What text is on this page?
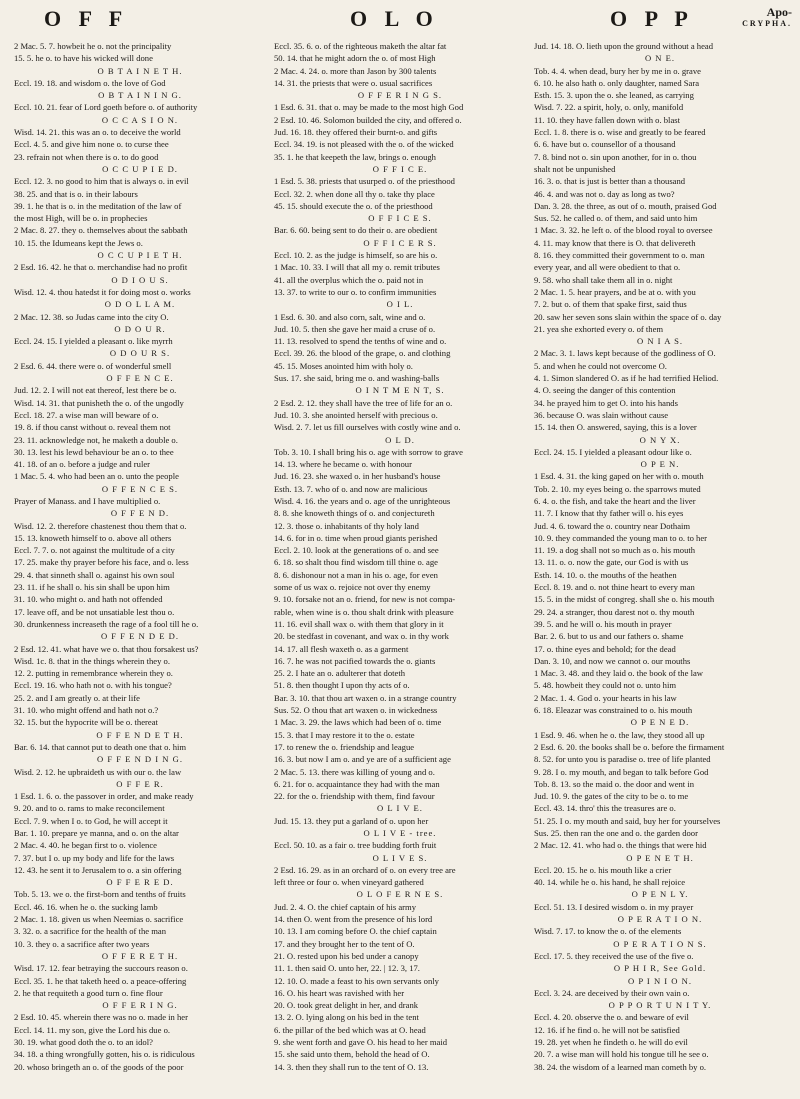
O F F	O L O	O P P	Apo-
CRYPHA.

2 Mac. 5. 7. howbeit he o. not the principality

15. 5. he o. to have his wicked will done

O B T A I N E T H.

Eccl. 19. 18. and wisdom o. the love of God

O B T A I N I N G.

Eccl. 10. 21. fear of Lord goeth before o. of authority

O C C A S I O N.

Wisd. 14. 21. this was an o. to deceive the world

Eccl. 4. 5. and give him none o. to curse thee

23. refrain not when there is o. to do good

O C C U P I E D.

Eccl. 12. 3. no good to him that is always o. in evil

38. 25. and that is o. in their labours

39. 1. he that is o. in the meditation of the law of

the most High, will be o. in prophecies

2 Mac. 8. 27. they o. themselves about the sabbath

10. 15. the Idumeans kept the Jews o.

O C C U P I E T H.

2 Esd. 16. 42. he that o. merchandise had no profit

O D I O U S.

Wisd. 12. 4. thou hatedst it for doing most o. works

O D O L L A M.

2 Mac. 12. 38. so Judas came into the city O.

O D O U R.

Eccl. 24. 15. I yielded a pleasant o. like myrrh

O D O U R S.

2 Esd. 6. 44. there were o. of wonderful smell

O F F E N C E.

Jud. 12. 2. I will not eat thereof, lest there be o.

Wisd. 14. 31. that punisheth the o. of the ungodly

Eccl. 18. 27. a wise man will beware of o.

19. 8. if thou canst without o. reveal them not

23. 11. acknowledge not, he maketh a double o.

30. 13. lest his lewd behaviour be an o. to thee

41. 18. of an o. before a judge and ruler

1 Mac. 5. 4. who had been an o. unto the people

O F F E N C E S.

Prayer of Manass. and I have multiplied o.

O F F E N D.

Wisd. 12. 2. therefore chastenest thou them that o.

15. 13. knoweth himself to o. above all others

Eccl. 7. 7. o. not against the multitude of a city

17. 25. make thy prayer before his face, and o. less

29. 4. that sinneth shall o. against his own soul

23. 11. if he shall o. his sin shall be upon him

31. 10. who might o. and hath not offended

17. leave off, and be not unsatiable lest thou o.

30. drunkenness increaseth the rage of a fool till he o.

O F F E N D E D.

2 Esd. 12. 41. what have we o. that thou forsakest us?

Wisd. 1c. 8. that in the things wherein they o.

12. 2. putting in remembrance wherein they o.

Eccl. 19. 16. who hath not o. with his tongue?

25. 2. and I am greatly o. at their life

31. 10. who might offend and hath not o.?

32. 15. but the hypocrite will be o. thereat

O F F E N D E T H.

Bar. 6. 14. that cannot put to death one that o. him

O F F E N D I N G.

Wisd. 2. 12. he upbraideth us with our o. the law

O F F E R.

1 Esd. 1. 6. o. the passover in order, and make ready

9. 20. and to o. rams to make reconcilement

Eccl. 7. 9. when I o. to God, he will accept it

Bar. 1. 10. prepare ye manna, and o. on the altar

2 Mac. 4. 40. he began first to o. violence

7. 37. but I o. up my body and life for the laws

12. 43. he sent it to Jerusalem to o. a sin offering

O F F E R E D.

Tob. 5. 13. we o. the first-born and tenths of fruits

Eccl. 46. 16. when he o. the sucking lamb

2 Mac. 1. 18. given us when Neemias o. sacrifice

3. 32. o. a sacrifice for the health of the man

10. 3. they o. a sacrifice after two years

O F F E R E T H.

Wisd. 17. 12. fear betraying the succours reason o.

Eccl. 35. 1. he that taketh heed o. a peace-offering

2. he that requiteth a good turn o. fine flour

O F F E R I N G.

2 Esd. 10. 45. wherein there was no o. made in her

Eccl. 14. 11. my son, give the Lord his due o.

30. 19. what good doth the o. to an idol?

34. 18. a thing wrongfully gotten, his o. is ridiculous

20. whoso bringeth an o. of the goods of the poor

Eccl. 35. 6. o. of the righteous maketh the altar fat

50. 14. that he might adorn the o. of most High

2 Mac. 4. 24. o. more than Jason by 300 talents

14. 31. the priests that were o. usual sacrifices

O F F E R I N G S.

1 Esd. 6. 31. that o. may be made to the most high God

2 Esd. 10. 46. Solomon builded the city, and offered o.

Jud. 16. 18. they offered their burnt-o. and gifts

Eccl. 34. 19. is not pleased with the o. of the wicked

35. 1. he that keepeth the law, brings o. enough

O F F I C E.

1 Esd. 5. 38. priests that usurped o. of the priesthood

Eccl. 32. 2. when done all thy o. take thy place

45. 15. should execute the o. of the priesthood

O F F I C E S.

Bar. 6. 60. being sent to do their o. are obedient

O F F I C E R S.

Eccl. 10. 2. as the judge is himself, so are his o.

1 Mac. 10. 33. I will that all my o. remit tributes

41. all the overplus which the o. paid not in

13. 37. to write to our o. to confirm immunities

O I L.

1 Esd. 6. 30. and also corn, salt, wine and o.

Jud. 10. 5. then she gave her maid a cruse of o.

11. 13. resolved to spend the tenths of wine and o.

Eccl. 39. 26. the blood of the grape, o. and clothing

45. 15. Moses anointed him with holy o.

Sus. 17. she said, bring me o. and washing-balls

O I N T M E N T, S.

2 Esd. 2. 12. they shall have the tree of life for an o.

Jud. 10. 3. she anointed herself with precious o.

Wisd. 2. 7. let us fill ourselves with costly wine and o.

O L D.

Tob. 3. 10. I shall bring his o. age with sorrow to grave

14. 13. where he became o. with honour

Jud. 16. 23. she waxed o. in her husband's house

Esth. 13. 7. who of o. and now are malicious

Wisd. 4. 16. the years and o. age of the unrighteous

8. 8. she knoweth things of o. and conjectureth

12. 3. those o. inhabitants of thy holy land

14. 6. for in o. time when proud giants perished

Eccl. 2. 10. look at the generations of o. and see

6. 18. so shalt thou find wisdom till thine o. age

8. 6. dishonour not a man in his o. age, for even

some of us wax o. rejoice not over thy enemy

9. 10. forsake not an o. friend, for new is not compa-

rable, when wine is o. thou shalt drink with pleasure

11. 16. evil shall wax o. with them that glory in it

20. be stedfast in covenant, and wax o. in thy work

14. 17. all flesh waxeth o. as a garment

16. 7. he was not pacified towards the o. giants

25. 2. I hate an o. adulterer that doteth

51. 8. then thought I upon thy acts of o.

Bar. 3. 10. that thou art waxen o. in a strange country

Sus. 52. O thou that art waxen o. in wickedness

1 Mac. 3. 29. the laws which had been of o. time

15. 3. that I may restore it to the o. estate

17. to renew the o. friendship and league

16. 3. but now I am o. and ye are of a sufficient age

2 Mac. 5. 13. there was killing of young and o.

6. 21. for o. acquaintance they had with the man

22. for the o. friendship with them, find favour

O L I V E.

Jud. 15. 13. they put a garland of o. upon her

O L I V E - tree.

Eccl. 50. 10. as a fair o. tree budding forth fruit

O L I V E S.

2 Esd. 16. 29. as in an orchard of o. on every tree are

left three or four o. when vineyard gathered

O L O F E R N E S.

Jud. 2. 4. O. the chief captain of his army

14. then O. went from the presence of his lord

10. 13. I am coming before O. the chief captain

17. and they brought her to the tent of O.

21. O. rested upon his bed under a canopy

11. 1. then said O. unto her, 22. | 12. 3, 17.

12. 10. O. made a feast to his own servants only

16. O. his heart was ravished with her

20. O. took great delight in her, and drank

13. 2. O. lying along on his bed in the tent

6. the pillar of the bed which was at O. head

9. she went forth and gave O. his head to her maid

15. she said unto them, behold the head of O.

14. 3. then they shall run to the tent of O. 13.

Jud. 14. 18. O. lieth upon the ground without a head

O N E.

Tob. 4. 4. when dead, bury her by me in o. grave

6. 10. he also hath o. only daughter, named Sara

Esth. 15. 3. upon the o. she leaned, as carrying

Wisd. 7. 22. a spirit, holy, o. only, manifold

11. 10. they have fallen down with o. blast

Eccl. 1. 8. there is o. wise and greatly to be feared

6. 6. have but o. counsellor of a thousand

7. 8. bind not o. sin upon another, for in o. thou

shalt not be unpunished

16. 3. o. that is just is better than a thousand

46. 4. and was not o. day as long as two?

Dan. 3. 28. the three, as out of o. mouth, praised God

Sus. 52. he called o. of them, and said unto him

1 Mac. 3. 32. he left o. of the blood royal to oversee

4. 11. may know that there is O. that delivereth

8. 16. they committed their government to o. man

every year, and all were obedient to that o.

9. 58. who shall take them all in o. night

2 Mac. 1. 5. hear prayers, and be at o. with you

7. 2. but o. of them that spake first, said thus

20. saw her seven sons slain within the space of o. day

21. yea she exhorted every o. of them

O N I A S.

2 Mac. 3. 1. laws kept because of the godliness of O.

5. and when he could not overcome O.

4. 1. Simon slandered O. as if he had terrified Heliod.

4. O. seeing the danger of this contention

34. he prayed him to get O. into his hands

36. because O. was slain without cause

15. 14. then O. answered, saying, this is a lover

O N Y X.

Eccl. 24. 15. I yielded a pleasant odour like o.

O P E N.

1 Esd. 4. 31. the king gaped on her with o. mouth

Tob. 2. 10. my eyes being o. the sparrows muted

6. 4. o. the fish, and take the heart and the liver

11. 7. I know that thy father will o. his eyes

Jud. 4. 6. toward the o. country near Dothaim

10. 9. they commanded the young man to o. to her

11. 19. a dog shall not so much as o. his mouth

13. 11. o. o. now the gate, our God is with us

Esth. 14. 10. o. the mouths of the heathen

Eccl. 8. 19. and o. not thine heart to every man

15. 5. in the midst of congreg. shall she o. his mouth

29. 24. a stranger, thou darest not o. thy mouth

39. 5. and he will o. his mouth in prayer

Bar. 2. 6. but to us and our fathers o. shame

17. o. thine eyes and behold; for the dead

Dan. 3. 10, and now we cannot o. our mouths

1 Mac. 3. 48. and they laid o. the book of the law

5. 48. howbeit they could not o. unto him

2 Mac. 1. 4. God o. your hearts in his law

6. 18. Eleazar was constrained to o. his mouth

O P E N E D.

1 Esd. 9. 46. when he o. the law, they stood all up

2 Esd. 6. 20. the books shall be o. before the firmament

8. 52. for unto you is paradise o. tree of life planted

9. 28. I o. my mouth, and began to talk before God

Tob. 8. 13. so the maid o. the door and went in

Jud. 10. 9. the gates of the city to be o. to me

Eccl. 43. 14. thro' this the treasures are o.

51. 25. I o. my mouth and said, buy her for yourselves

Sus. 25. then ran the one and o. the garden door

2 Mac. 12. 41. who had o. the things that were hid

O P E N E T H.

Eccl. 20. 15. he o. his mouth like a crier

40. 14. while he o. his hand, he shall rejoice

O P E N L Y.

Eccl. 51. 13. I desired wisdom o. in my prayer

O P E R A T I O N.

Wisd. 7. 17. to know the o. of the elements

O P E R A T I O N S.

Eccl. 17. 5. they received the use of the five o.

O P H I R, See Gold.

O P I N I O N.

Eccl. 3. 24. are deceived by their own vain o.

O P P O R T U N I T Y.

Eccl. 4. 20. observe the o. and beware of evil

12. 16. if he find o. he will not be satisfied

19. 28. yet when he findeth o. he will do evil

20. 7. a wise man will hold his tongue till he see o.

38. 24. the wisdom of a learned man cometh by o.
